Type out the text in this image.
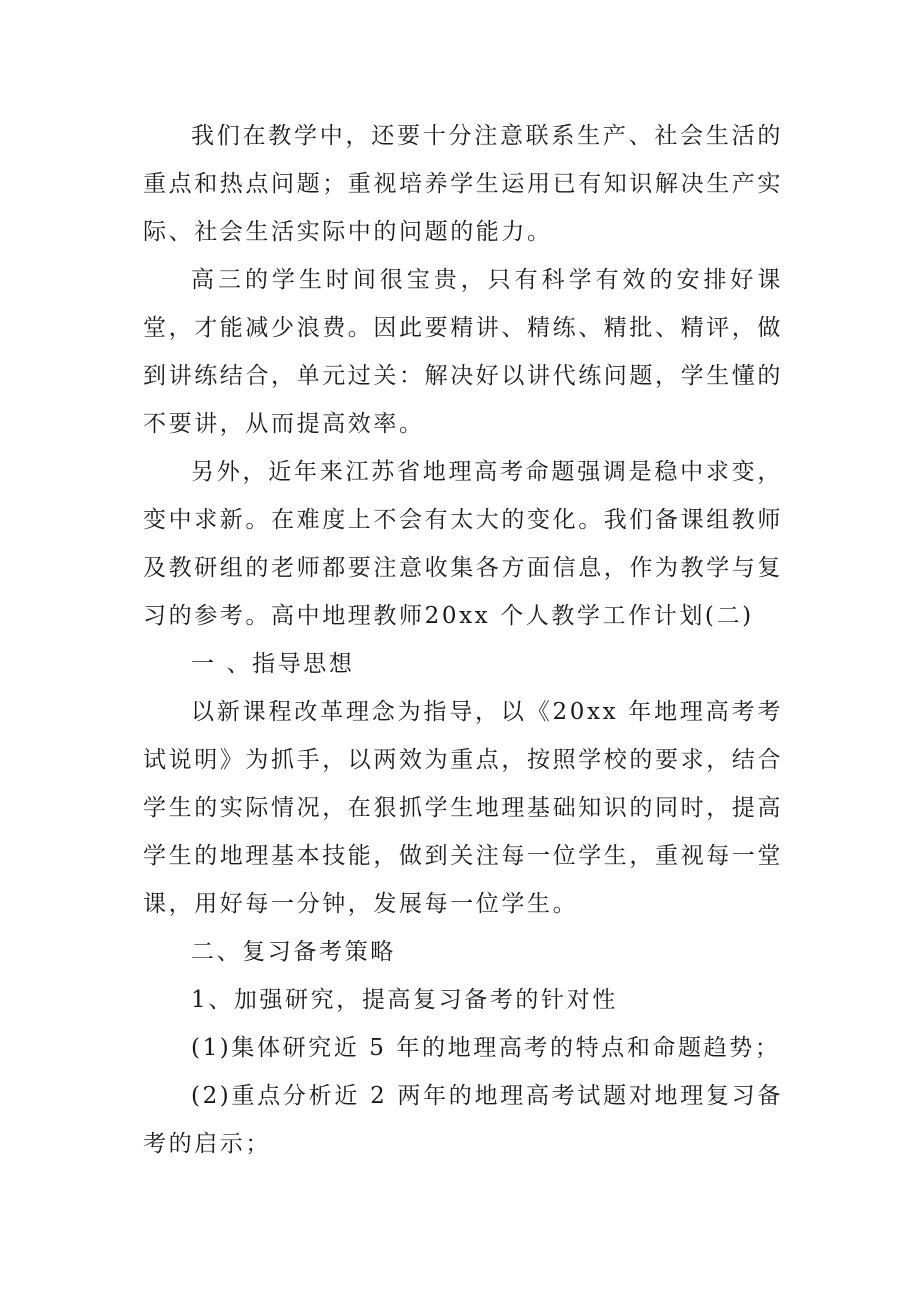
我们在教学中，还要十分注意联系生产、社会生活的重点和热点问题；重视培养学生运用已有知识解决生产实际、社会生活实际中的问题的能力。

高三的学生时间很宝贵，只有科学有效的安排好课堂，才能减少浪费。因此要精讲、精练、精批、精评，做到讲练结合，单元过关：解决好以讲代练问题，学生懂的不要讲，从而提高效率。

另外，近年来江苏省地理高考命题强调是稳中求变，变中求新。在难度上不会有太大的变化。我们备课组教师及教研组的老师都要注意收集各方面信息，作为教学与复习的参考。高中地理教师20xx 个人教学工作计划(二)

一 、指导思想

以新课程改革理念为指导，以《20xx 年地理高考考试说明》为抓手，以两效为重点，按照学校的要求，结合学生的实际情况，在狠抓学生地理基础知识的同时，提高学生的地理基本技能，做到关注每一位学生，重视每一堂课，用好每一分钟，发展每一位学生。

二、复习备考策略

1、加强研究，提高复习备考的针对性

(1)集体研究近 5 年的地理高考的特点和命题趋势；

(2)重点分析近 2 两年的地理高考试题对地理复习备考的启示；
